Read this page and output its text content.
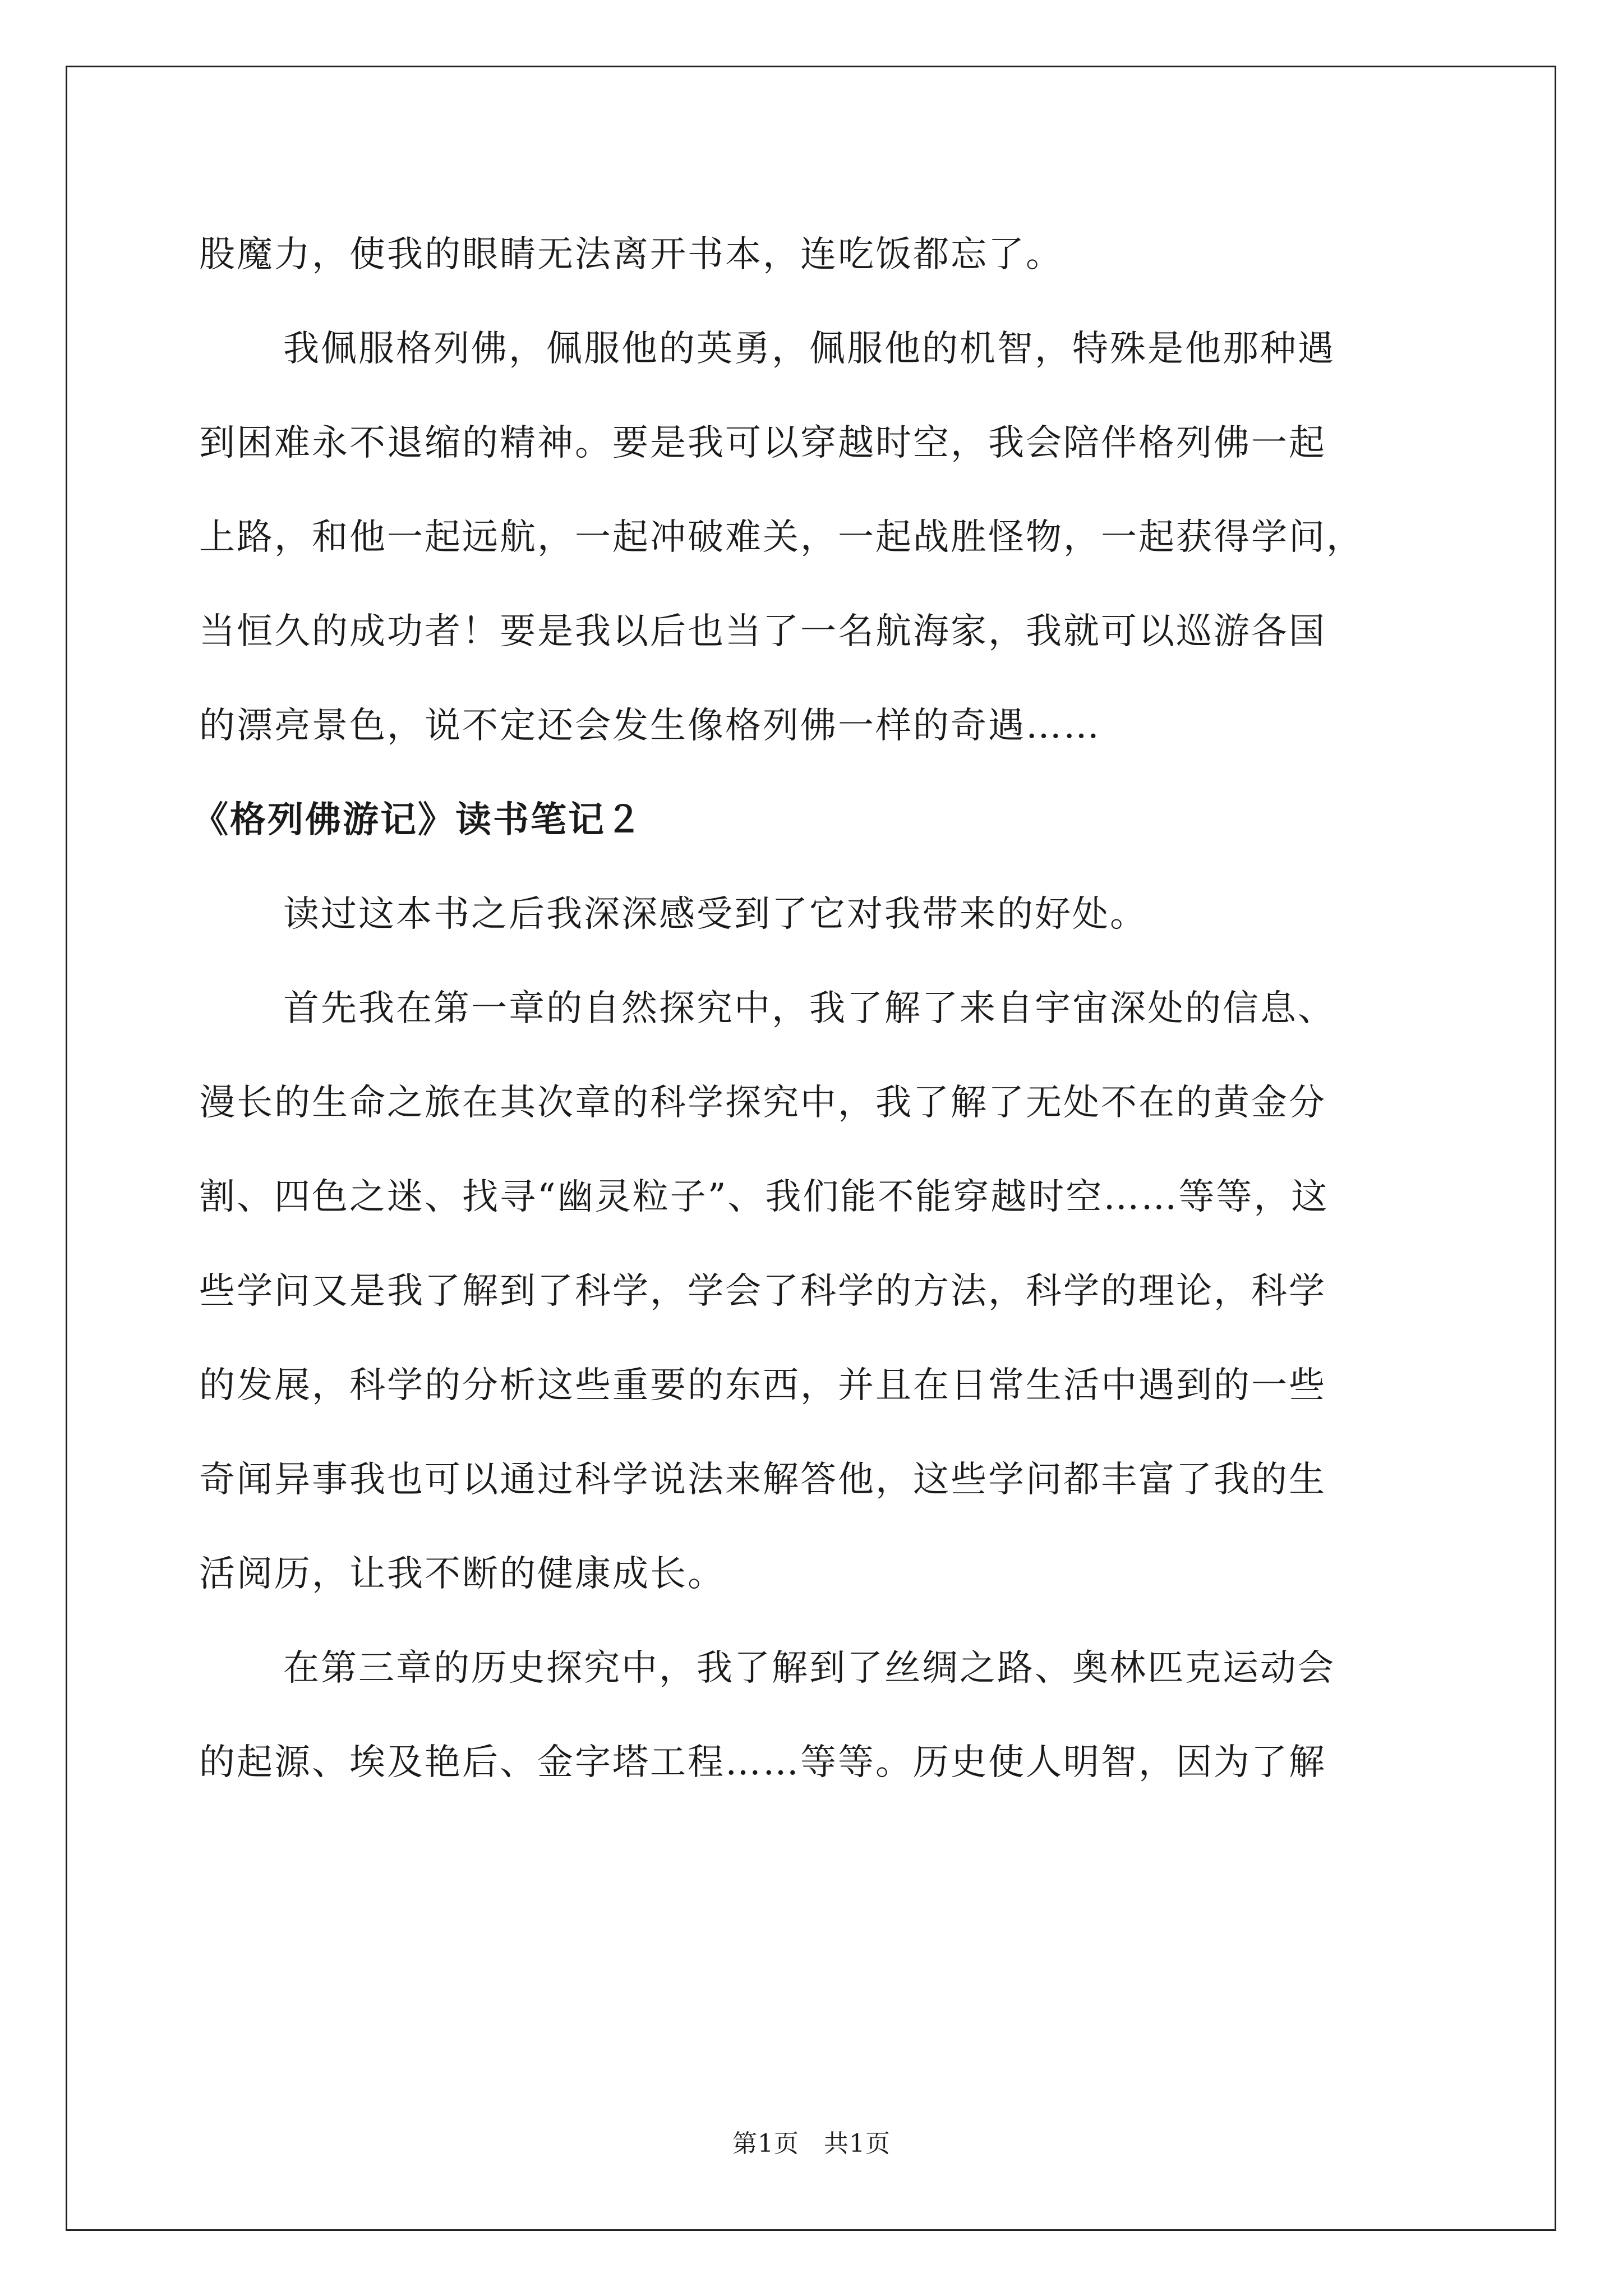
股魔力，使我的眼睛无法离开书本，连吃饭都忘了。

我佩服格列佛，佩服他的英勇，佩服他的机智，特殊是他那种遇

到困难永不退缩的精神。要是我可以穿越时空，我会陪伴格列佛一起

上路，和他一起远航，一起冲破难关，一起战胜怪物，一起获得学问，

当恒久的成功者！要是我以后也当了一名航海家，我就可以巡游各国

的漂亮景色，说不定还会发生像格列佛一样的奇遇……

《格列佛游记》读书笔记２

读过这本书之后我深深感受到了它对我带来的好处。

首先我在第一章的自然探究中，我了解了来自宇宙深处的信息、

漫长的生命之旅在其次章的科学探究中，我了解了无处不在的黄金分

割、四色之迷、找寻“幽灵粒子”、我们能不能穿越时空……等等，这

些学问又是我了解到了科学，学会了科学的方法，科学的理论，科学

的发展，科学的分析这些重要的东西，并且在日常生活中遇到的一些

奇闻异事我也可以通过科学说法来解答他，这些学问都丰富了我的生

活阅历，让我不断的健康成长。

在第三章的历史探究中，我了解到了丝绸之路、奥林匹克运动会

的起源、埃及艳后、金字塔工程……等等。历史使人明智，因为了解

第1页 共1页
